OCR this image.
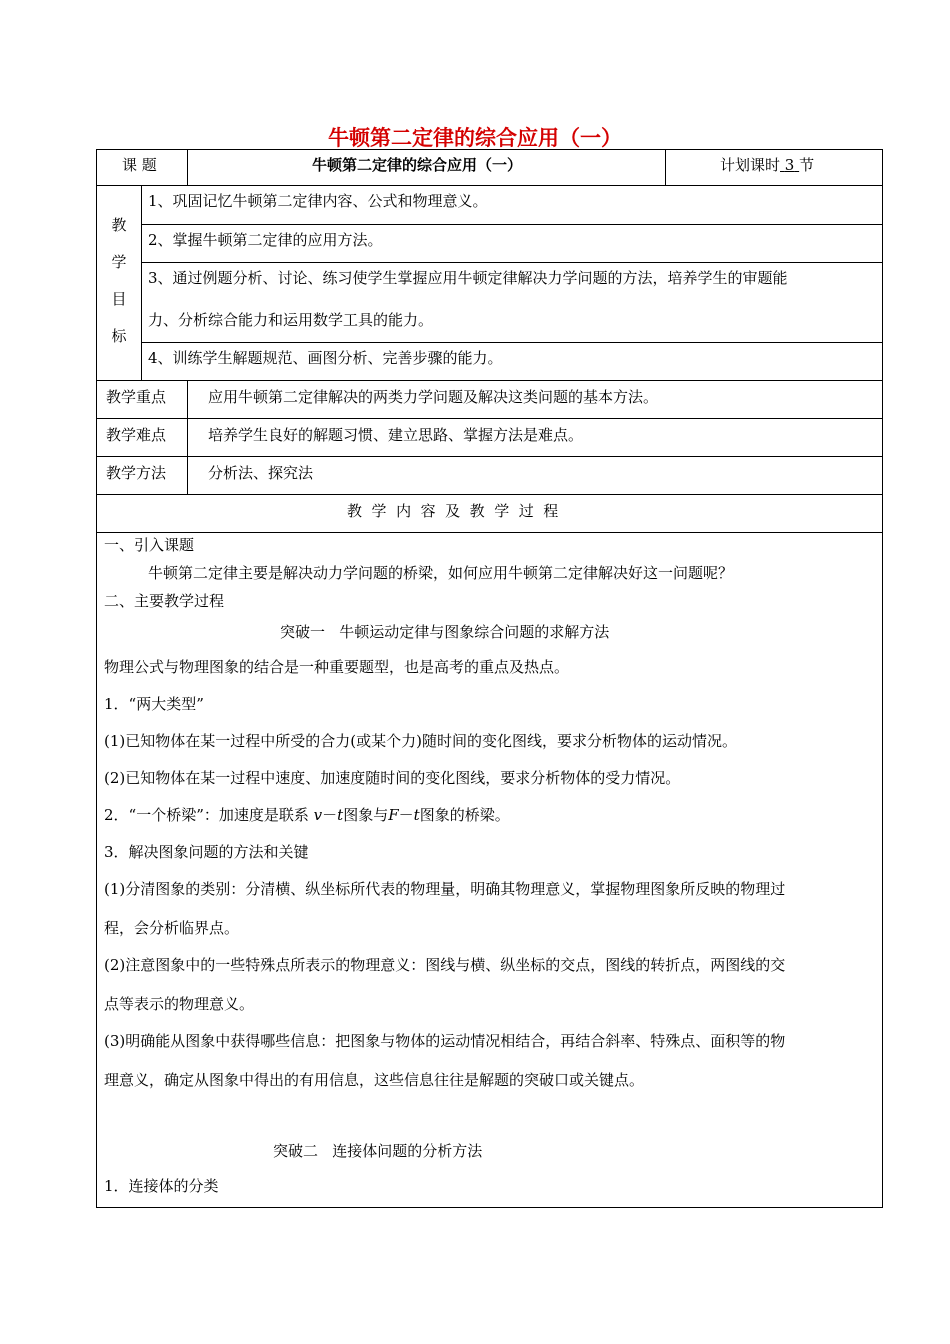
牛顿第二定律的综合应用（一）
课 题	牛顿第二定律的综合应用（一）	计划课时 3 节
教
学
目
标
1、巩固记忆牛顿第二定律内容、公式和物理意义。
2、掌握牛顿第二定律的应用方法。
3、通过例题分析、讨论、练习使学生掌握应用牛顿定律解决力学问题的方法，培养学生的审题能
力、分析综合能力和运用数学工具的能力。
4、训练学生解题规范、画图分析、完善步骤的能力。
教学重点	应用牛顿第二定律解决的两类力学问题及解决这类问题的基本方法。
教学难点	培养学生良好的解题习惯、建立思路、掌握方法是难点。
教学方法	分析法、探究法
教  学  内  容  及  教  学  过  程
一、引入课题
牛顿第二定律主要是解决动力学问题的桥梁，如何应用牛顿第二定律解决好这一问题呢？
二、主要教学过程
突破一   牛顿运动定律与图象综合问题的求解方法
物理公式与物理图象的结合是一种重要题型，也是高考的重点及热点。
1．“两大类型”
(1)已知物体在某一过程中所受的合力(或某个力)随时间的变化图线，要求分析物体的运动情况。
(2)已知物体在某一过程中速度、加速度随时间的变化图线，要求分析物体的受力情况。
2．“一个桥梁”：加速度是联系 v－t图象与F－t图象的桥梁。
3．解决图象问题的方法和关键
(1)分清图象的类别：分清横、纵坐标所代表的物理量，明确其物理意义，掌握物理图象所反映的物理过
程，会分析临界点。
(2)注意图象中的一些特殊点所表示的物理意义：图线与横、纵坐标的交点，图线的转折点，两图线的交
点等表示的物理意义。
(3)明确能从图象中获得哪些信息：把图象与物体的运动情况相结合，再结合斜率、特殊点、面积等的物
理意义，确定从图象中得出的有用信息，这些信息往往是解题的突破口或关键点。
突破二   连接体问题的分析方法
1．连接体的分类
